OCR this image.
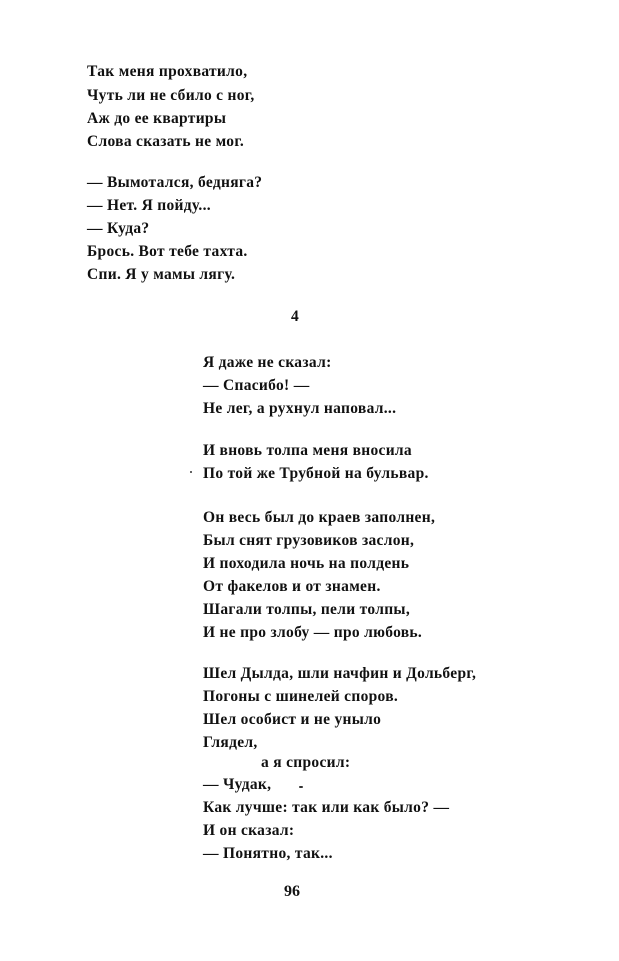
Так меня прохватило,
Чуть ли не сбило с ног,
Аж до ее квартиры
Слова сказать не мог.
— Вымотался, бедняга?
— Нет. Я пойду...
— Куда?
Брось. Вот тебе тахта.
Спи. Я у мамы лягу.
4
Я даже не сказал:
— Спасибо! —
Не лег, а рухнул наповал...
И вновь толпа меня вносила
По той же Трубной на бульвар.
Он весь был до краев заполнен,
Был снят грузовиков заслон,
И походила ночь на полдень
От факелов и от знамен.
Шагали толпы, пели толпы,
И не про злобу — про любовь.
Шел Дылда, шли начфин и Дольберг,
Погоны с шинелей споров.
Шел особист и не уныло
Глядел,
а я спросил:
— Чудак,
Как лучше: так или как было? —
И он сказал:
— Понятно, так...
96
